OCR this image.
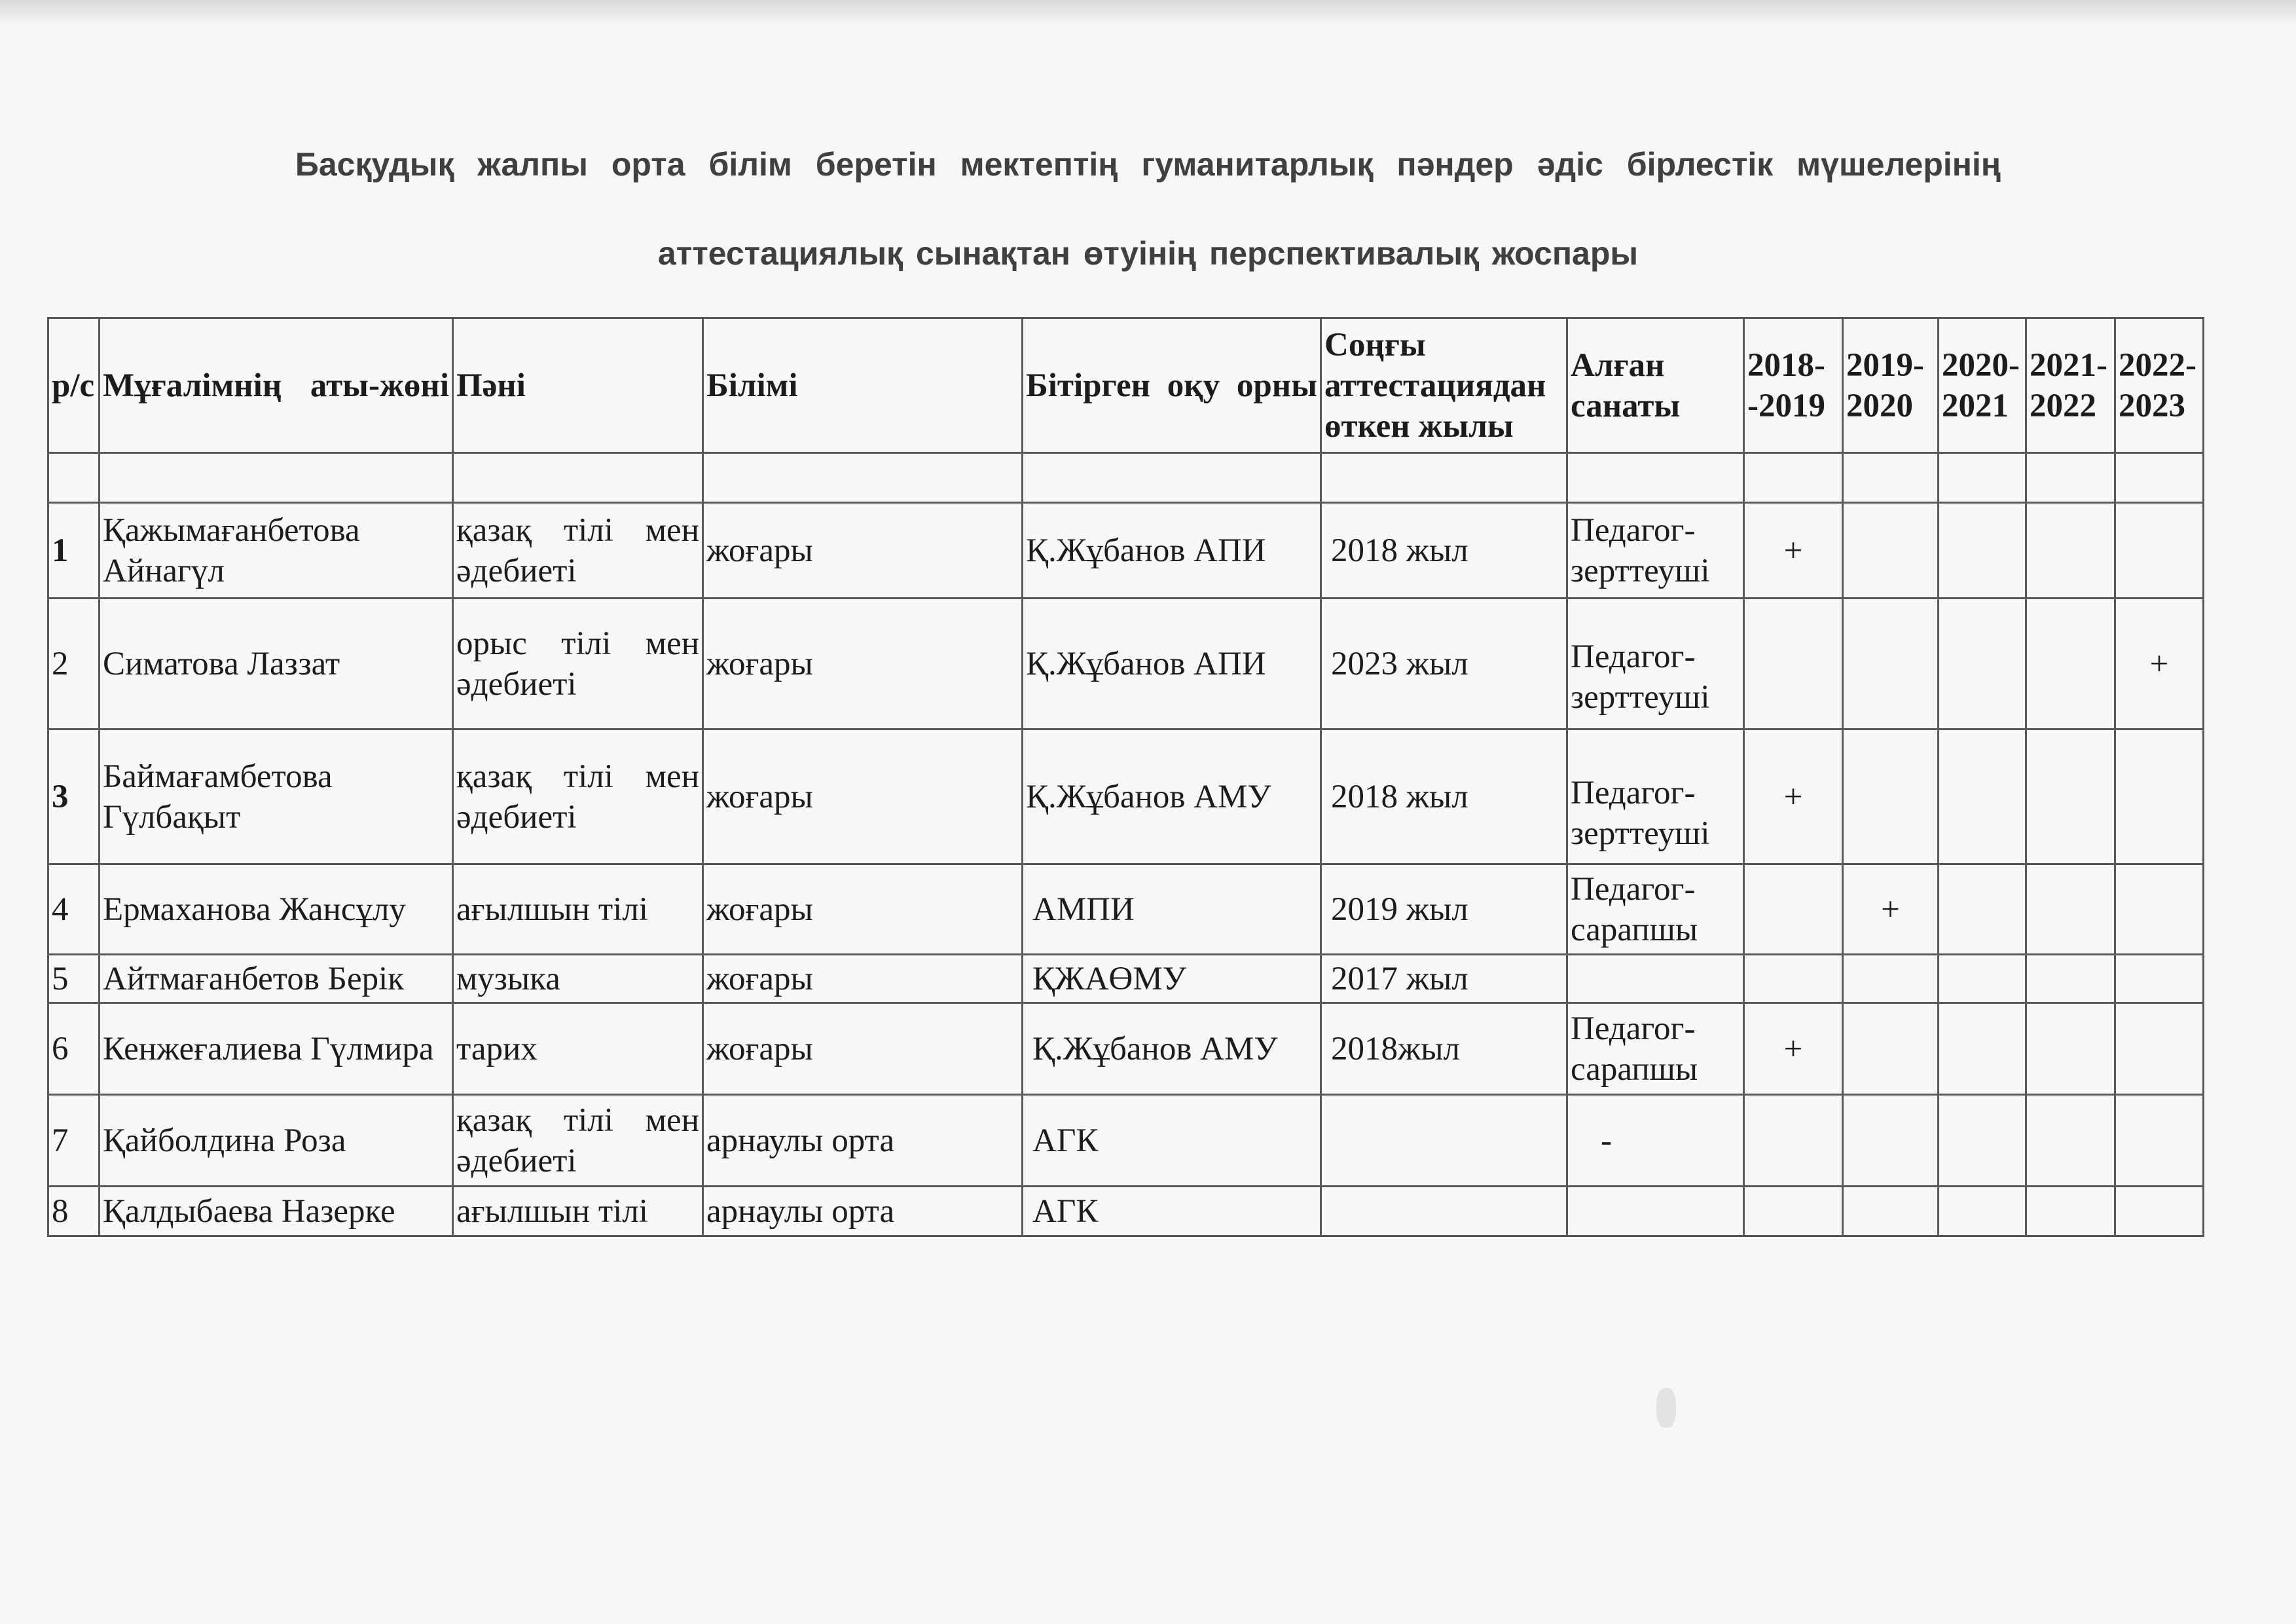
Басқудық жалпы орта білім беретін мектептің гуманитарлық пәндер әдіс бірлестік мүшелерінің
аттестациялық сынақтан өтуінің перспективалық жоспары
р/с	Мұғалімнің аты-жөні	Пәні	Білімі	Бітірген оқу орны	Соңғы аттестациядан өткен жылы	Алған санаты	2018--2019	2019-2020	2020-2021	2021-2022	2022-2023

1	Қажымағанбетова Айнагүл	қазақ тілі мен әдебиеті	жоғары	Қ.Жұбанов АПИ	2018 жыл	Педагог-зерттеуші	+				
2	Симатова Лаззат	орыс тілі мен әдебиеті	жоғары	Қ.Жұбанов АПИ	2023 жыл	Педагог-зерттеуші					+
3	Баймағамбетова Гүлбақыт	қазақ тілі мен әдебиеті	жоғары	Қ.Жұбанов АМУ	2018 жыл	Педагог-зерттеуші	+				
4	Ермаханова Жансұлу	ағылшын тілі	жоғары	АМПИ	2019 жыл	Педагог-сарапшы		+			
5	Айтмағанбетов Берік	музыка	жоғары	ҚЖАӨМУ	2017 жыл						
6	Кенжеғалиева Гүлмира	тарих	жоғары	Қ.Жұбанов АМУ	2018жыл	Педагог-сарапшы	+				
7	Қайболдина Роза	қазақ тілі мен әдебиеті	арнаулы орта	АГК		-					
8	Қалдыбаева Назерке	ағылшын тілі	арнаулы орта	АГК							
